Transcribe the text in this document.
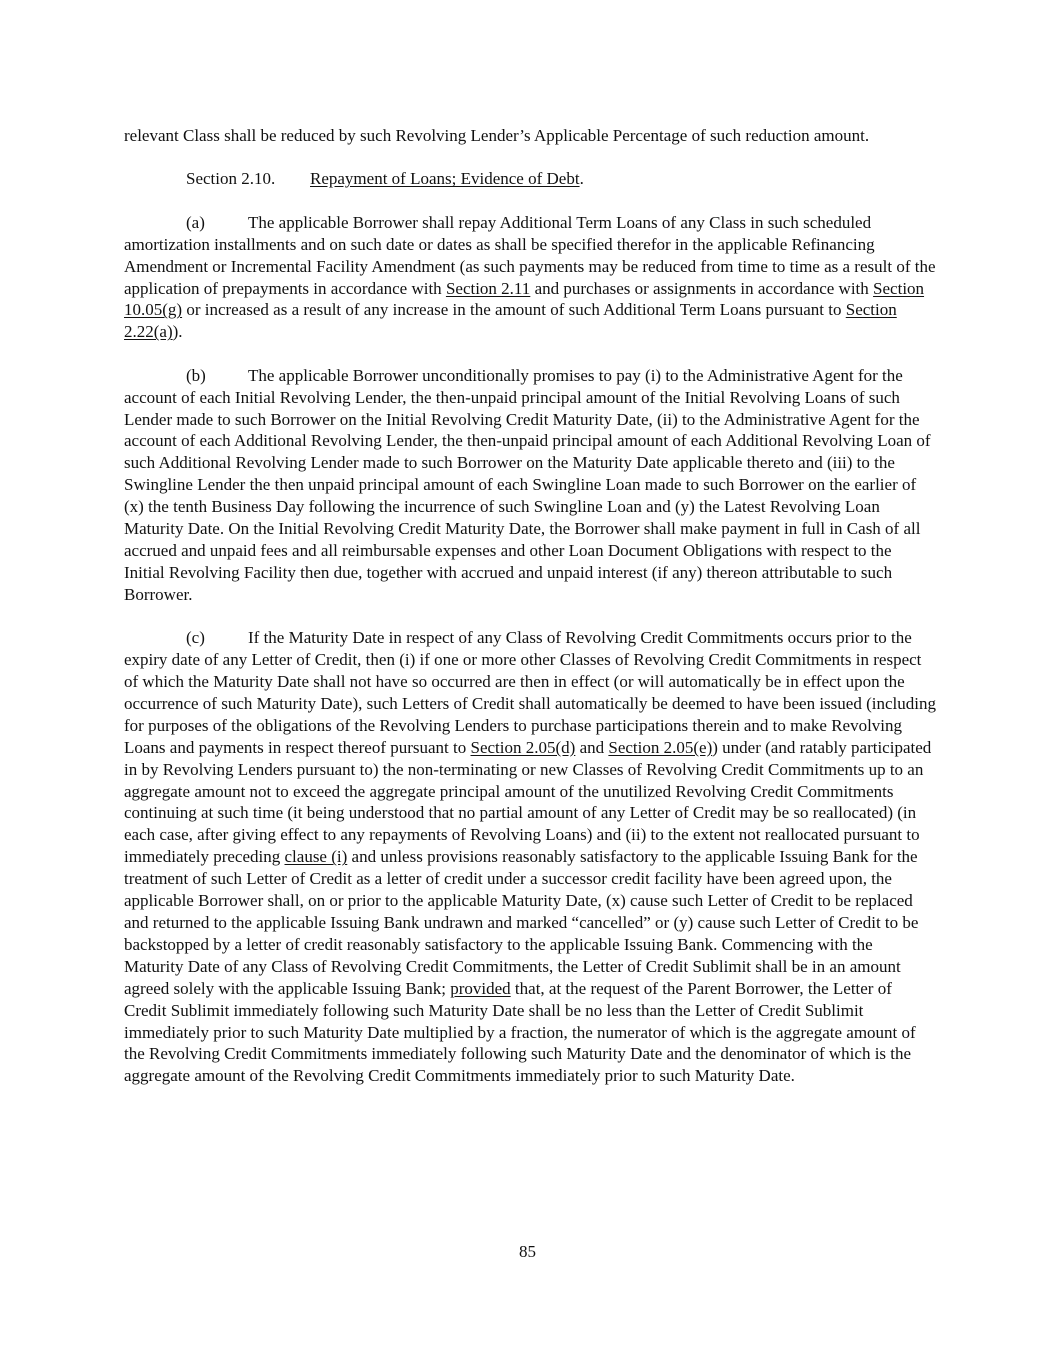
relevant Class shall be reduced by such Revolving Lender’s Applicable Percentage of such reduction amount.

Section 2.10. Repayment of Loans; Evidence of Debt.

(a)	The applicable Borrower shall repay Additional Term Loans of any Class in such scheduled amortization installments and on such date or dates as shall be specified therefor in the applicable Refinancing Amendment or Incremental Facility Amendment (as such payments may be reduced from time to time as a result of the application of prepayments in accordance with Section 2.11 and purchases or assignments in accordance with Section 10.05(g) or increased as a result of any increase in the amount of such Additional Term Loans pursuant to Section 2.22(a)).

(b) The applicable Borrower unconditionally promises to pay (i) to the Administrative Agent for the account of each Initial Revolving Lender, the then-unpaid principal amount of the Initial Revolving Loans of such Lender made to such Borrower on the Initial Revolving Credit Maturity Date, (ii) to the Administrative Agent for the account of each Additional Revolving Lender, the then-unpaid principal amount of each Additional Revolving Loan of such Additional Revolving Lender made to such Borrower on the Maturity Date applicable thereto and (iii) to the Swingline Lender the then unpaid principal amount of each Swingline Loan made to such Borrower on the earlier of (x) the tenth Business Day following the incurrence of such Swingline Loan and (y) the Latest Revolving Loan Maturity Date. On the Initial Revolving Credit Maturity Date, the Borrower shall make payment in full in Cash of all accrued and unpaid fees and all reimbursable expenses and other Loan Document Obligations with respect to the Initial Revolving Facility then due, together with accrued and unpaid interest (if any) thereon attributable to such Borrower.

(c)	If the Maturity Date in respect of any Class of Revolving Credit Commitments occurs prior to the expiry date of any Letter of Credit, then (i) if one or more other Classes of Revolving Credit Commitments in respect of which the Maturity Date shall not have so occurred are then in effect (or will automatically be in effect upon the occurrence of such Maturity Date), such Letters of Credit shall automatically be deemed to have been issued (including for purposes of the obligations of the Revolving Lenders to purchase participations therein and to make Revolving Loans and payments in respect thereof pursuant to Section 2.05(d) and Section 2.05(e)) under (and ratably participated in by Revolving Lenders pursuant to) the non-terminating or new Classes of Revolving Credit Commitments up to an aggregate amount not to exceed the aggregate principal amount of the unutilized Revolving Credit Commitments continuing at such time (it being understood that no partial amount of any Letter of Credit may be so reallocated) (in each case, after giving effect to any repayments of Revolving Loans) and (ii) to the extent not reallocated pursuant to immediately preceding clause (i) and unless provisions reasonably satisfactory to the applicable Issuing Bank for the treatment of such Letter of Credit as a letter of credit under a successor credit facility have been agreed upon, the applicable Borrower shall, on or prior to the applicable Maturity Date, (x) cause such Letter of Credit to be replaced and returned to the applicable Issuing Bank undrawn and marked “cancelled” or (y) cause such Letter of Credit to be backstopped by a letter of credit reasonably satisfactory to the applicable Issuing Bank. Commencing with the Maturity Date of any Class of Revolving Credit Commitments, the Letter of Credit Sublimit shall be in an amount agreed solely with the applicable Issuing Bank; provided that, at the request of the Parent Borrower, the Letter of Credit Sublimit immediately following such Maturity Date shall be no less than the Letter of Credit Sublimit immediately prior to such Maturity Date multiplied by a fraction, the numerator of which is the aggregate amount of the Revolving Credit Commitments immediately following such Maturity Date and the denominator of which is the aggregate amount of the Revolving Credit Commitments immediately prior to such Maturity Date.

85
